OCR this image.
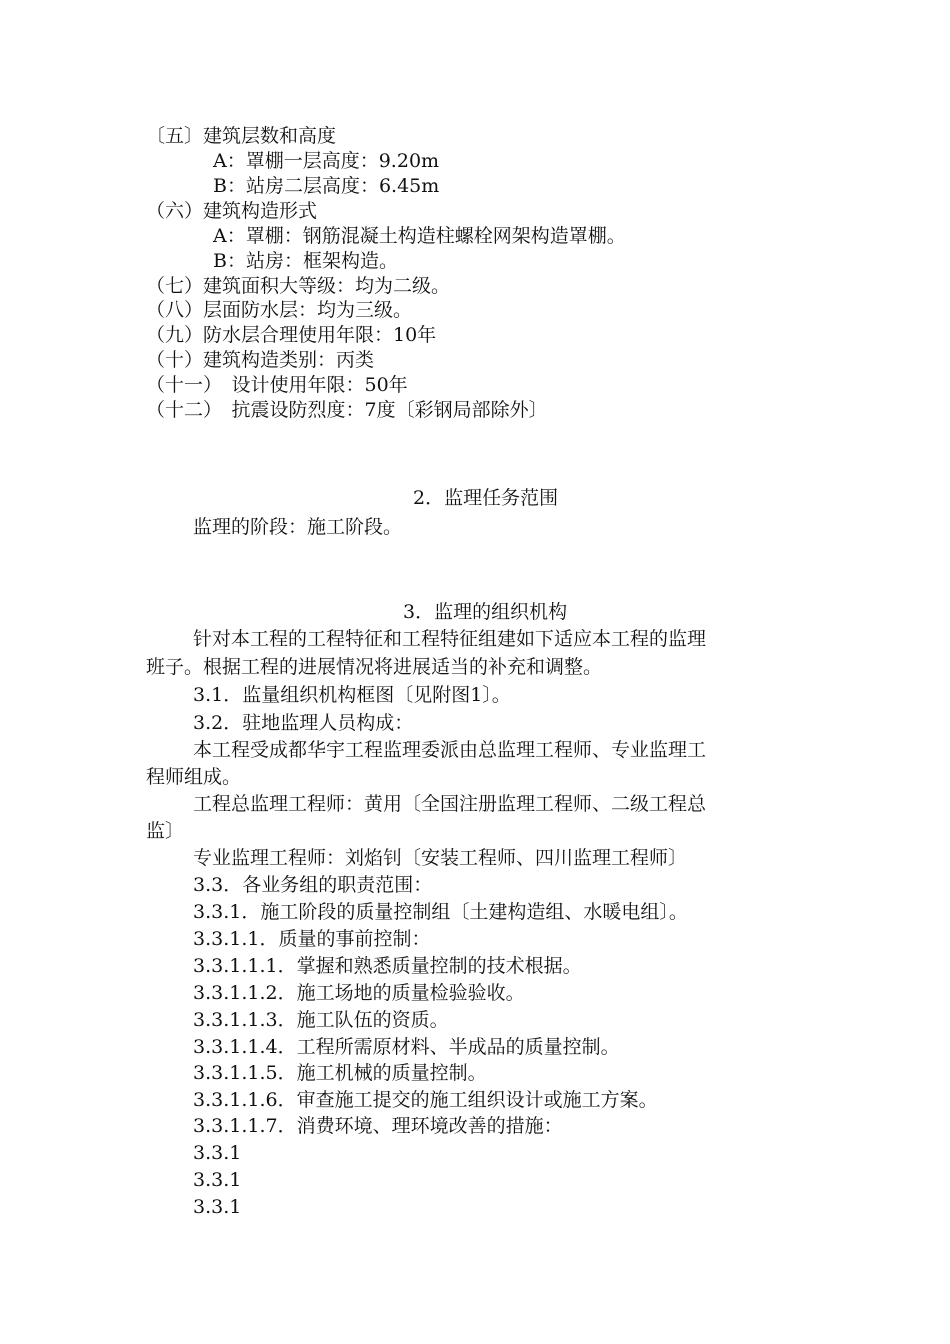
〔五〕建筑层数和高度
A：罩棚一层高度：9.20m
B：站房二层高度：6.45m
（六）建筑构造形式
A：罩棚：钢筋混凝土构造柱螺栓网架构造罩棚。
B：站房：框架构造。
（七）建筑面积大等级：均为二级。
（八）层面防水层：均为三级。
（九）防水层合理使用年限：10年
（十）建筑构造类别：丙类
（十一）　设计使用年限：50年
（十二）　抗震设防烈度：7度〔彩钢局部除外〕
2．监理任务范围
监理的阶段：施工阶段。
3．监理的组织机构
针对本工程的工程特征和工程特征组建如下适应本工程的监理
班子。根据工程的进展情况将进展适当的补充和调整。
3.1．监量组织机构框图〔见附图1〕。
3.2．驻地监理人员构成：
本工程受成都华宇工程监理委派由总监理工程师、专业监理工
程师组成。
工程总监理工程师：黄用〔全国注册监理工程师、二级工程总
监〕
专业监理工程师：刘焰钊〔安装工程师、四川监理工程师〕
3.3．各业务组的职责范围：
3.3.1．施工阶段的质量控制组〔土建构造组、水暖电组〕。
3.3.1.1．质量的事前控制：
3.3.1.1.1．掌握和熟悉质量控制的技术根据。
3.3.1.1.2．施工场地的质量检验验收。
3.3.1.1.3．施工队伍的资质。
3.3.1.1.4．工程所需原材料、半成品的质量控制。
3.3.1.1.5．施工机械的质量控制。
3.3.1.1.6．审查施工提交的施工组织设计或施工方案。
3.3.1.1.7．消费环境、理环境改善的措施：
3.3.1
3.3.1
3.3.1
